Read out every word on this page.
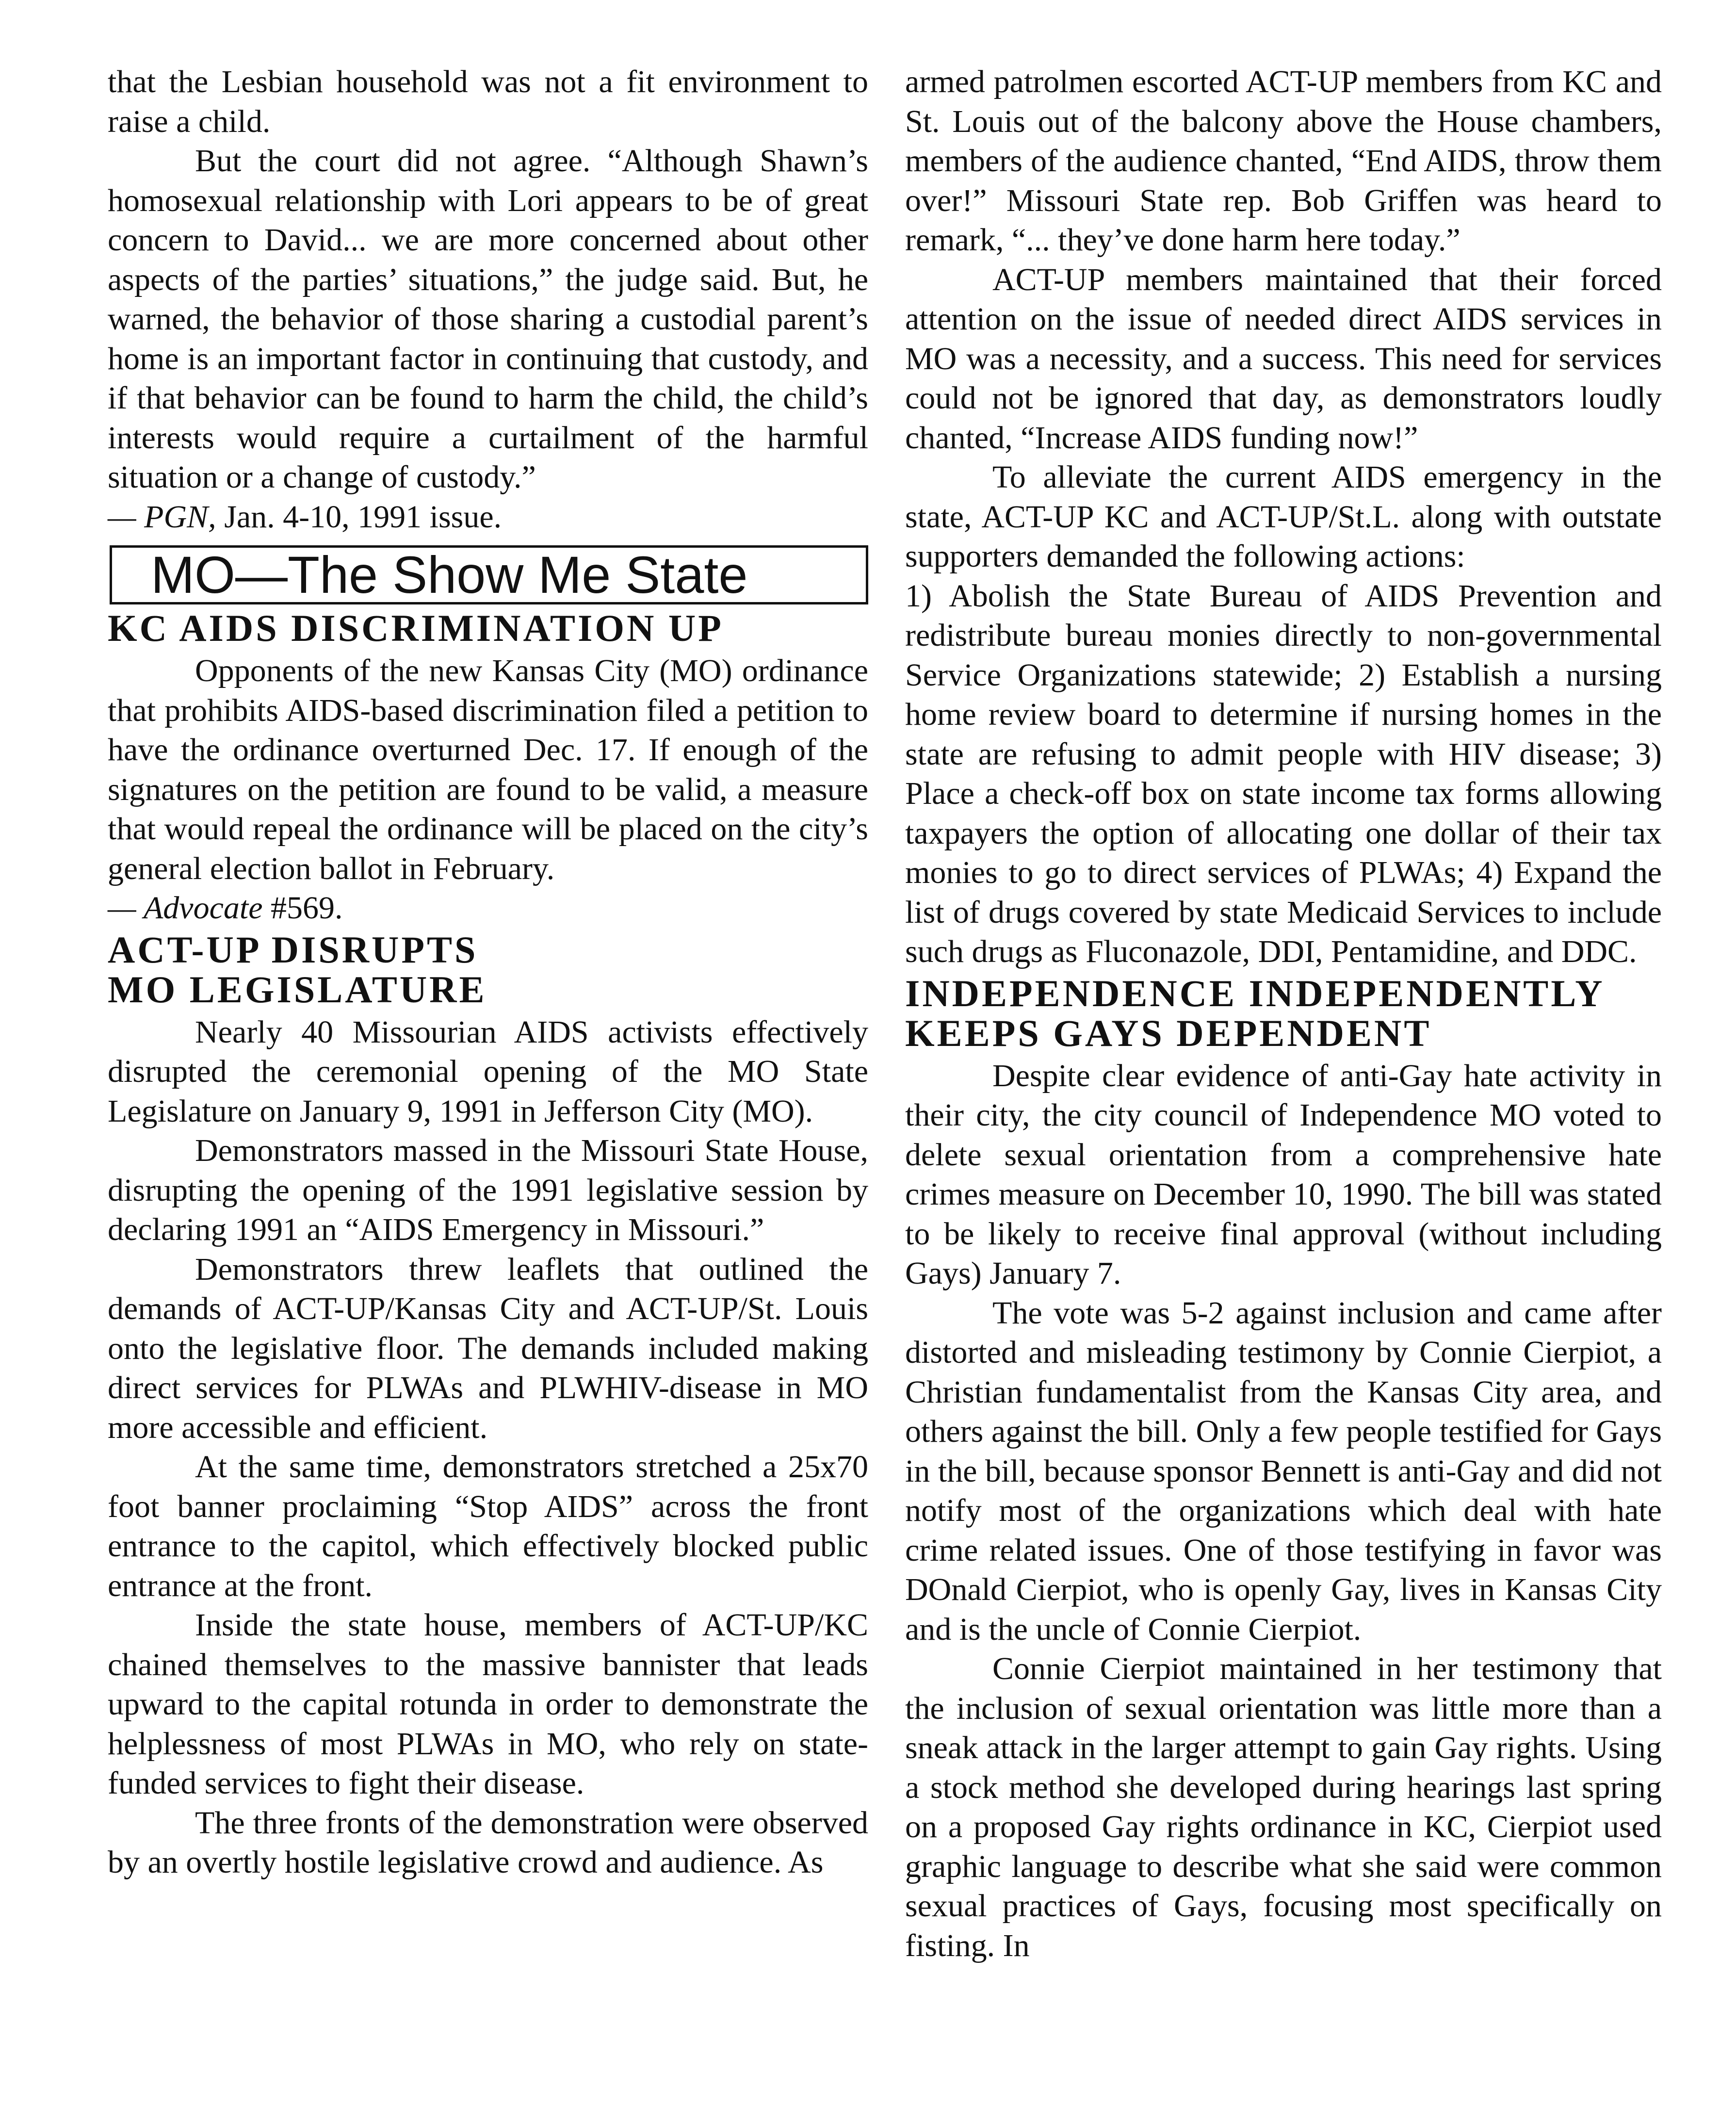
that the Lesbian household was not a fit environment to raise a child.

But the court did not agree. “Although Shawn’s homosexual relationship with Lori appears to be of great concern to David... we are more concerned about other aspects of the parties’ situations,” the judge said. But, he warned, the behavior of those sharing a custodial parent’s home is an important factor in continuing that custody, and if that behavior can be found to harm the child, the child’s interests would require a curtailment of the harmful situation or a change of custody.”

— PGN, Jan. 4-10, 1991 issue.

MO—The Show Me State
KC AIDS DISCRIMINATION UP

Opponents of the new Kansas City (MO) ordinance that prohibits AIDS-based discrimination filed a petition to have the ordinance overturned Dec. 17. If enough of the signatures on the petition are found to be valid, a measure that would repeal the ordinance will be placed on the city’s general election ballot in February.

— Advocate #569.

ACT-UP DISRUPTS
MO LEGISLATURE

Nearly 40 Missourian AIDS activists effectively disrupted the ceremonial opening of the MO State Legislature on January 9, 1991 in Jefferson City (MO).

Demonstrators massed in the Missouri State House, disrupting the opening of the 1991 legislative session by declaring 1991 an “AIDS Emergency in Missouri.”

Demonstrators threw leaflets that outlined the demands of ACT-UP/Kansas City and ACT-UP/St. Louis onto the legislative floor. The demands included making direct services for PLWAs and PLWHIV-disease in MO more accessible and efficient.

At the same time, demonstrators stretched a 25x70 foot banner proclaiming “Stop AIDS” across the front entrance to the capitol, which effectively blocked public entrance at the front.

Inside the state house, members of ACT-UP/KC chained themselves to the massive bannister that leads upward to the capital rotunda in order to demonstrate the helplessness of most PLWAs in MO, who rely on state-funded services to fight their disease.

The three fronts of the demonstration were observed by an overtly hostile legislative crowd and audience. As

armed patrolmen escorted ACT-UP members from KC and St. Louis out of the balcony above the House chambers, members of the audience chanted, “End AIDS, throw them over!” Missouri State rep. Bob Griffen was heard to remark, “... they’ve done harm here today.”

ACT-UP members maintained that their forced attention on the issue of needed direct AIDS services in MO was a necessity, and a success. This need for services could not be ignored that day, as demonstrators loudly chanted, “Increase AIDS funding now!”

To alleviate the current AIDS emergency in the state, ACT-UP KC and ACT-UP/St.L. along with outstate supporters demanded the following actions:

1) Abolish the State Bureau of AIDS Prevention and redistribute bureau monies directly to non-governmental Service Organizations statewide; 2) Establish a nursing home review board to determine if nursing homes in the state are refusing to admit people with HIV disease; 3) Place a check-off box on state income tax forms allowing taxpayers the option of allocating one dollar of their tax monies to go to direct services of PLWAs; 4) Expand the list of drugs covered by state Medicaid Services to include such drugs as Fluconazole, DDI, Pentamidine, and DDC.

INDEPENDENCE INDEPENDENTLY
KEEPS GAYS DEPENDENT

Despite clear evidence of anti-Gay hate activity in their city, the city council of Independence MO voted to delete sexual orientation from a comprehensive hate crimes measure on December 10, 1990. The bill was stated to be likely to receive final approval (without including Gays) January 7.

The vote was 5-2 against inclusion and came after distorted and misleading testimony by Connie Cierpiot, a Christian fundamentalist from the Kansas City area, and others against the bill. Only a few people testified for Gays in the bill, because sponsor Bennett is anti-Gay and did not notify most of the organizations which deal with hate crime related issues. One of those testifying in favor was DOnald Cierpiot, who is openly Gay, lives in Kansas City and is the uncle of Connie Cierpiot.

Connie Cierpiot maintained in her testimony that the inclusion of sexual orientation was little more than a sneak attack in the larger attempt to gain Gay rights. Using a stock method she developed during hearings last spring on a proposed Gay rights ordinance in KC, Cierpiot used graphic language to describe what she said were common sexual practices of Gays, focusing most specifically on fisting. In
